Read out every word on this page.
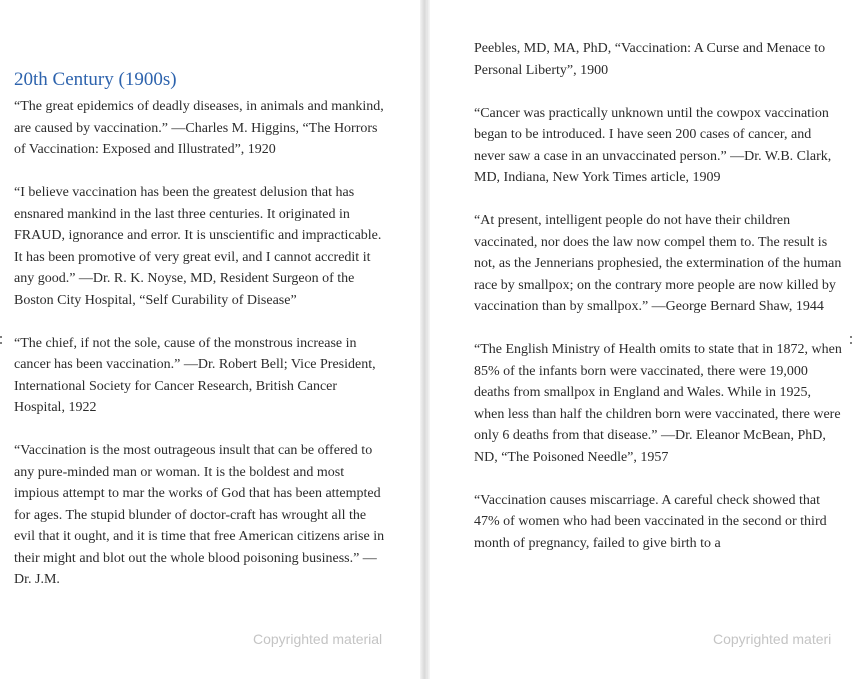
20th Century (1900s)

“The great epidemics of deadly diseases, in animals and mankind, are caused by vaccination.” —Charles M. Higgins, “The Horrors of Vaccination: Exposed and Illustrated”, 1920

“I believe vaccination has been the greatest delusion that has ensnared mankind in the last three centuries. It originated in FRAUD, ignorance and error. It is unscientific and impracticable. It has been promotive of very great evil, and I cannot accredit it any good.” —Dr. R. K. Noyse, MD, Resident Surgeon of the Boston City Hospital, “Self Curability of Disease”

“The chief, if not the sole, cause of the monstrous increase in cancer has been vaccination.” —Dr. Robert Bell; Vice President, International Society for Cancer Research, British Cancer Hospital, 1922

“Vaccination is the most outrageous insult that can be offered to any pure-minded man or woman. It is the boldest and most impious attempt to mar the works of God that has been attempted for ages. The stupid blunder of doctor-craft has wrought all the evil that it ought, and it is time that free American citizens arise in their might and blot out the whole blood poisoning business.” —Dr. J.M.

Peebles, MD, MA, PhD, “Vaccination: A Curse and Menace to Personal Liberty”, 1900

“Cancer was practically unknown until the cowpox vaccination began to be introduced. I have seen 200 cases of cancer, and never saw a case in an unvaccinated person.” —Dr. W.B. Clark, MD, Indiana, New York Times article, 1909

“At present, intelligent people do not have their children vaccinated, nor does the law now compel them to. The result is not, as the Jennerians prophesied, the extermination of the human race by smallpox; on the contrary more people are now killed by vaccination than by smallpox.” —George Bernard Shaw, 1944

“The English Ministry of Health omits to state that in 1872, when 85% of the infants born were vaccinated, there were 19,000 deaths from smallpox in England and Wales. While in 1925, when less than half the children born were vaccinated, there were only 6 deaths from that disease.” —Dr. Eleanor McBean, PhD, ND, “The Poisoned Needle”, 1957

“Vaccination causes miscarriage. A careful check showed that 47% of women who had been vaccinated in the second or third month of pregnancy, failed to give birth to a

Copyrighted material	Copyrighted materi
